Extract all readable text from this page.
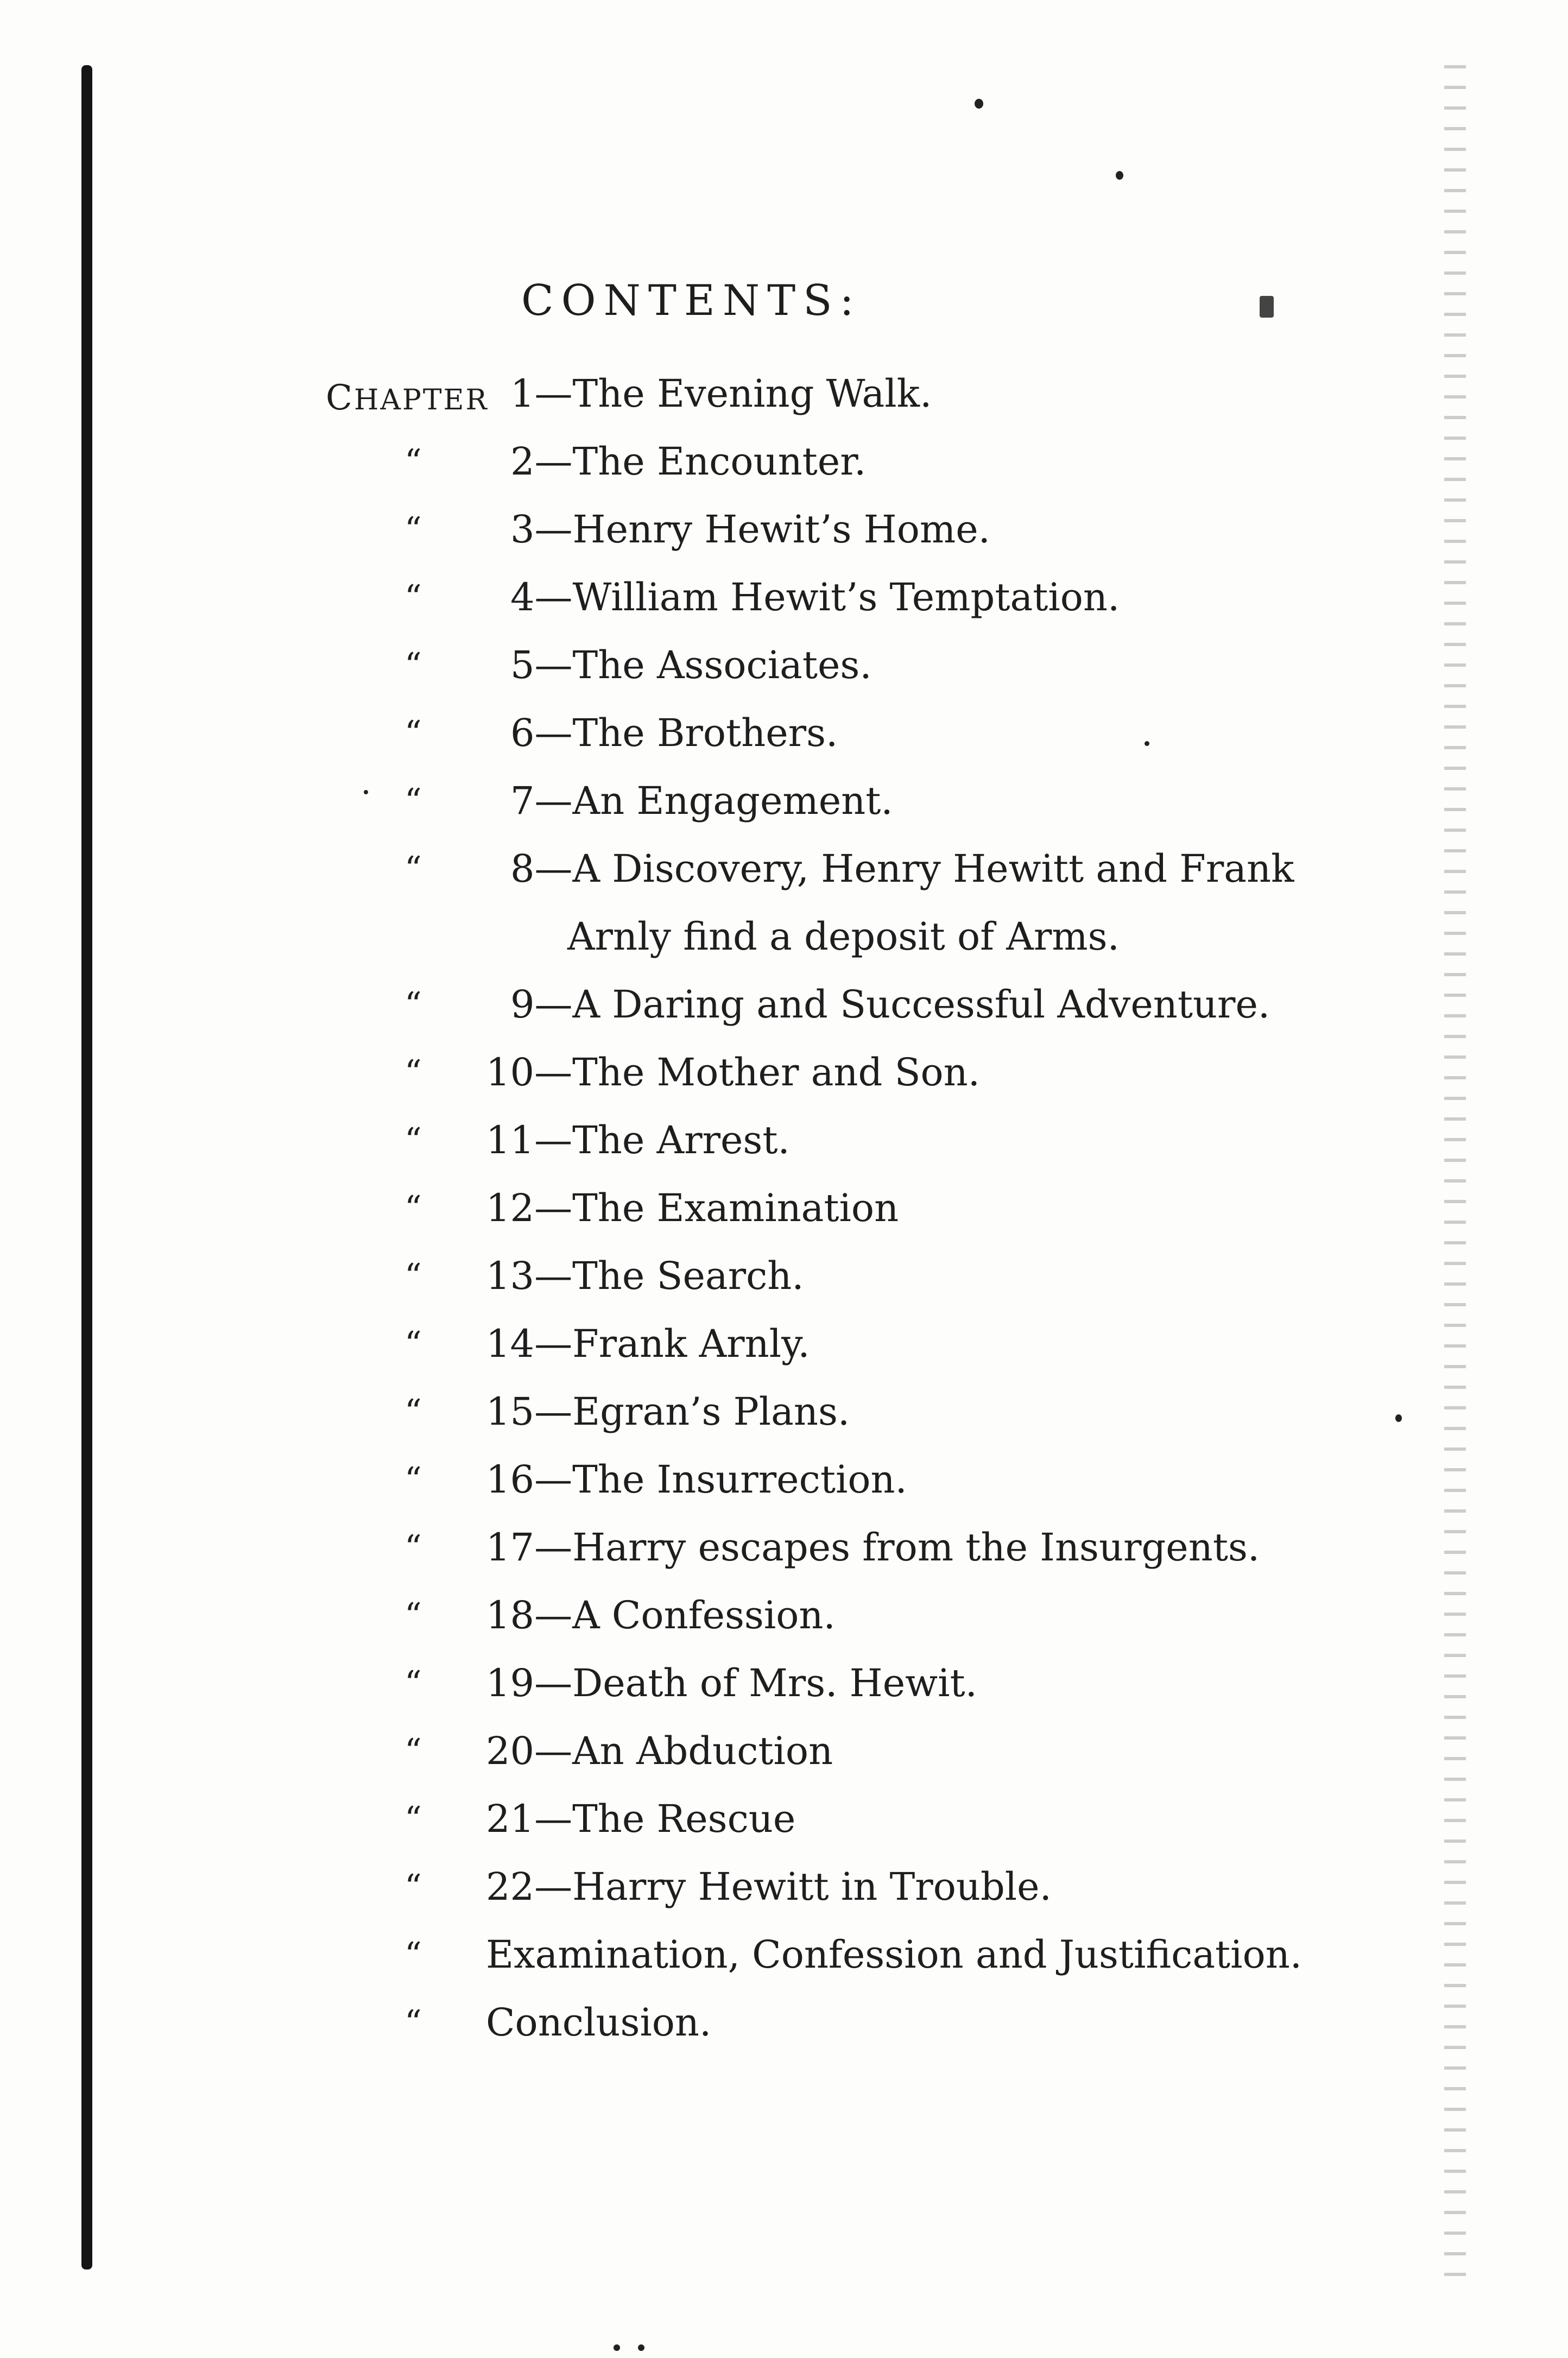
CONTENTS:
CHAPTER 1—The Evening Walk.
“ 2—The Encounter.
“ 3—Henry Hewit’s Home.
“ 4—William Hewit’s Temptation.
“ 5—The Associates.
“ 6—The Brothers.
“ 7—An Engagement.
“ 8—A Discovery, Henry Hewitt and Frank
Arnly find a deposit of Arms.
“ 9—A Daring and Successful Adventure.
“ 10—The Mother and Son.
“ 11—The Arrest.
“ 12—The Examination
“ 13—The Search.
“ 14—Frank Arnly.
“ 15—Egran’s Plans.
“ 16—The Insurrection.
“ 17—Harry escapes from the Insurgents.
“ 18—A Confession.
“ 19—Death of Mrs. Hewit.
“ 20—An Abduction
“ 21—The Rescue
“ 22—Harry Hewitt in Trouble.
“ Examination, Confession and Justification.
“ Conclusion.
